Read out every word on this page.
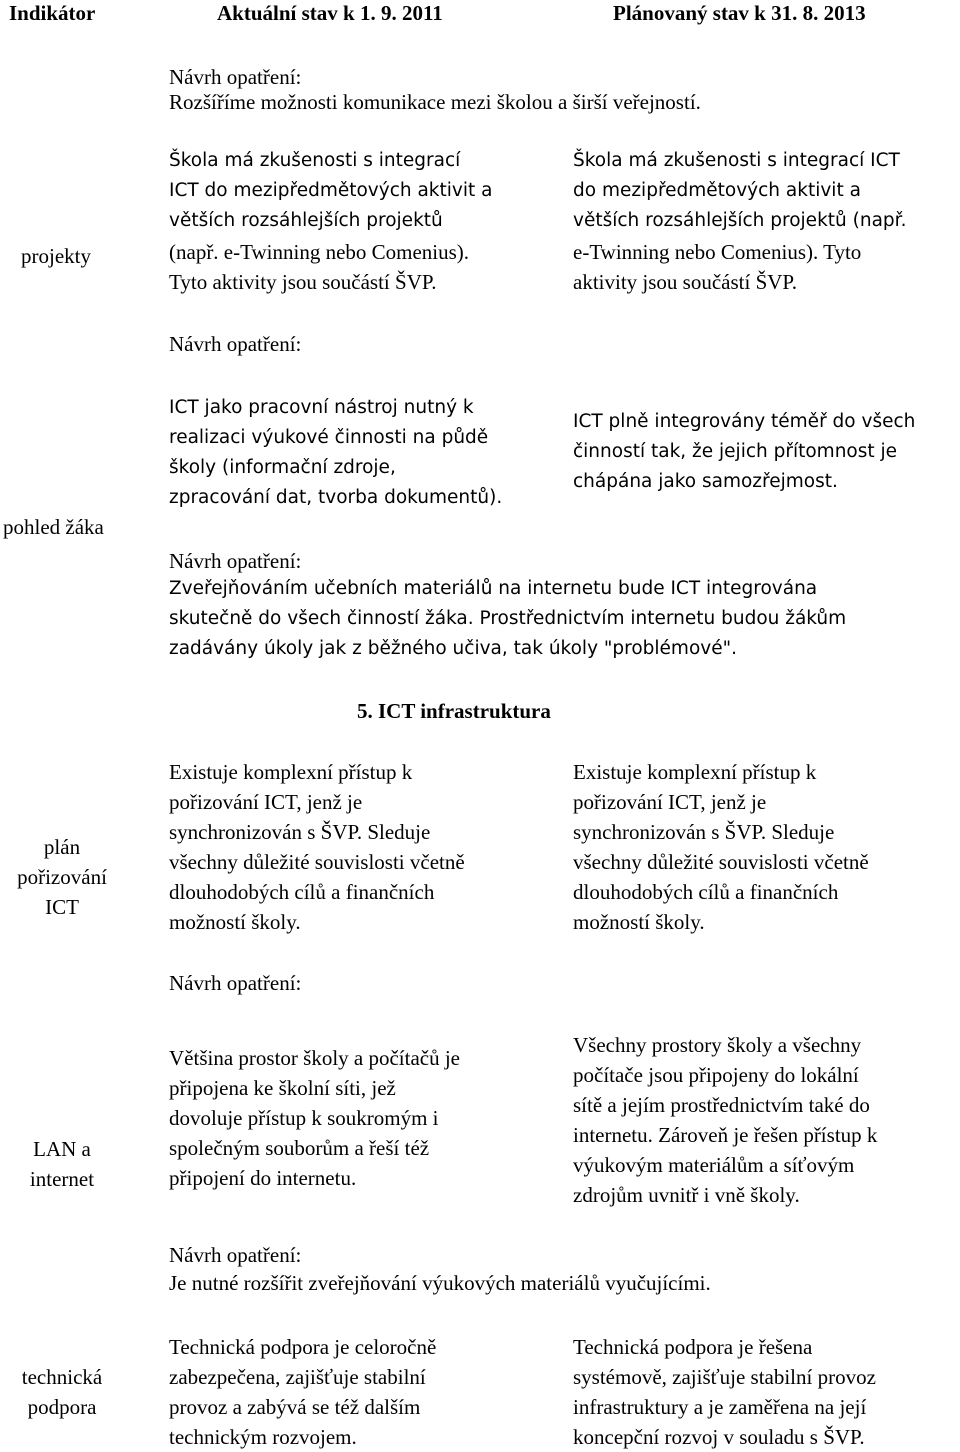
Indikátor	Aktuální stav k 1. 9. 2011	Plánovaný stav k 31. 8. 2013
Návrh opatření:
Rozšíříme možnosti komunikace mezi školou a širší veřejností.
projekty
Škola má zkušenosti s integrací
ICT do mezipředmětových aktivit a
větších rozsáhlejších projektů
(např. e-Twinning nebo Comenius).
Tyto aktivity jsou součástí ŠVP.
Škola má zkušenosti s integrací ICT
do mezipředmětových aktivit a
větších rozsáhlejších projektů (např.
e-Twinning nebo Comenius). Tyto
aktivity jsou součástí ŠVP.
Návrh opatření:
pohled žáka
ICT jako pracovní nástroj nutný k
realizaci výukové činnosti na půdě
školy (informační zdroje,
zpracování dat, tvorba dokumentů).
ICT plně integrovány téměř do všech
činností tak, že jejich přítomnost je
chápána jako samozřejmost.
Návrh opatření:
Zveřejňováním učebních materiálů na internetu bude ICT integrována
skutečně do všech činností žáka. Prostřednictvím internetu budou žákům
zadávány úkoly jak z běžného učiva, tak úkoly "problémové".
5. ICT infrastruktura
plán
pořizování
ICT
Existuje komplexní přístup k
pořizování ICT, jenž je
synchronizován s ŠVP. Sleduje
všechny důležité souvislosti včetně
dlouhodobých cílů a finančních
možností školy.
Existuje komplexní přístup k
pořizování ICT, jenž je
synchronizován s ŠVP. Sleduje
všechny důležité souvislosti včetně
dlouhodobých cílů a finančních
možností školy.
Návrh opatření:
LAN a
internet
Většina prostor školy a počítačů je
připojena ke školní síti, jež
dovoluje přístup k soukromým i
společným souborům a řeší též
připojení do internetu.
Všechny prostory školy a všechny
počítače jsou připojeny do lokální
sítě a jejím prostřednictvím také do
internetu. Zároveň je řešen přístup k
výukovým materiálům a síťovým
zdrojům uvnitř i vně školy.
Návrh opatření:
Je nutné rozšířit zveřejňování výukových materiálů vyučujícími.
technická
podpora
Technická podpora je celoročně
zabezpečena, zajišťuje stabilní
provoz a zabývá se též dalším
technickým rozvojem.
Technická podpora je řešena
systémově, zajišťuje stabilní provoz
infrastruktury a je zaměřena na její
koncepční rozvoj v souladu s ŠVP.
